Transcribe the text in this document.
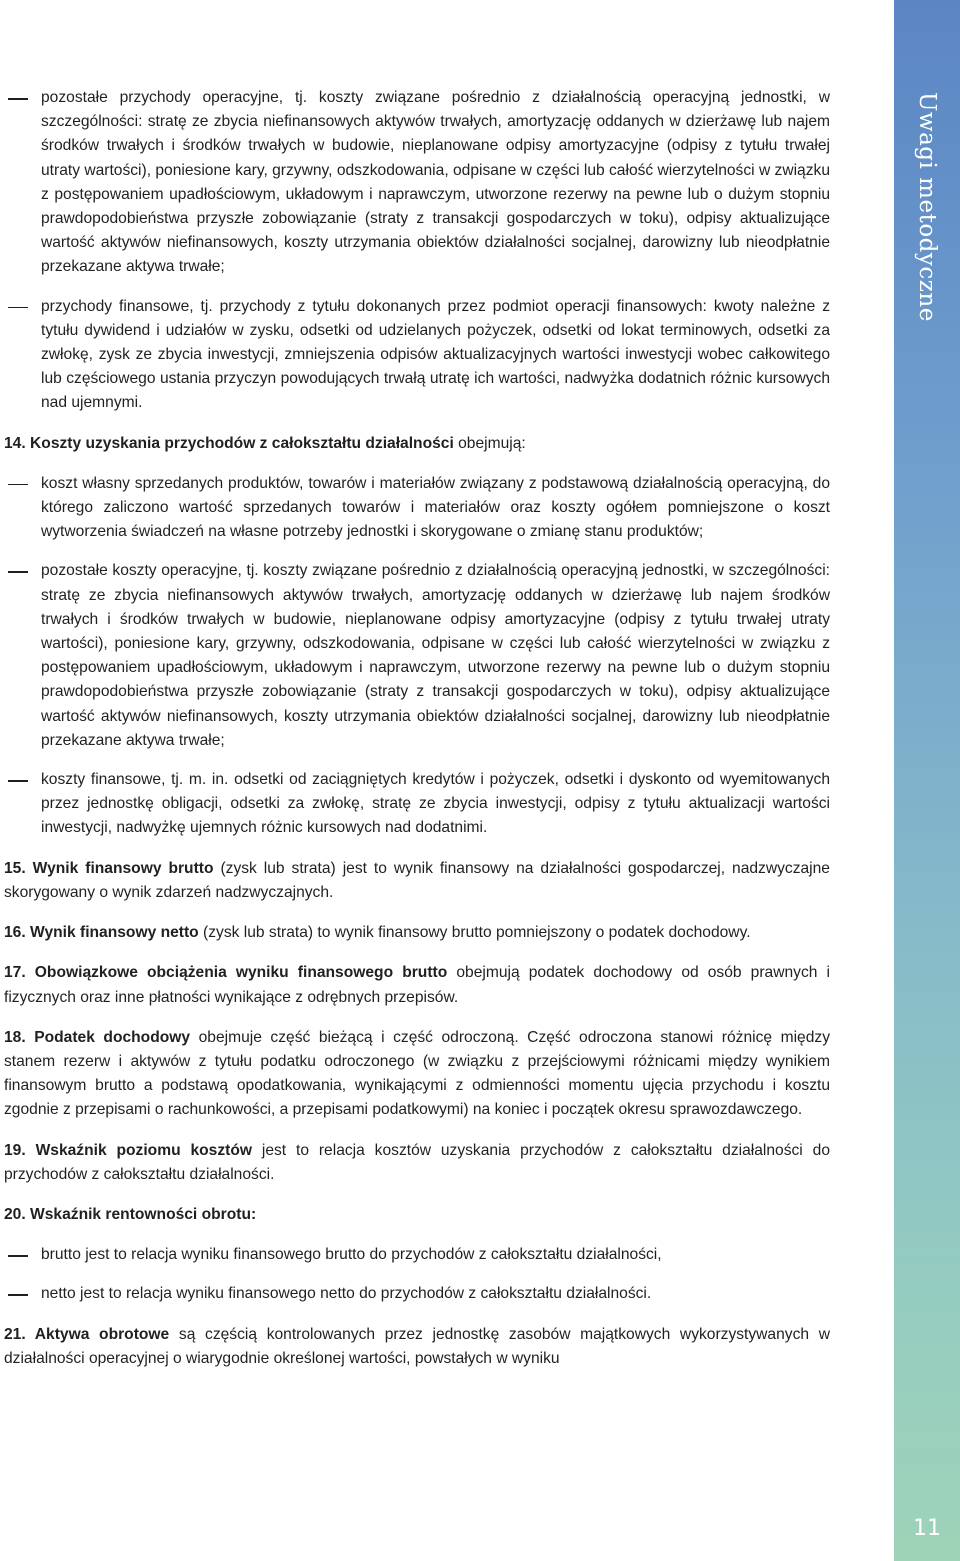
pozostałe przychody operacyjne, tj. koszty związane pośrednio z działalnością operacyjną jednostki, w szczególności: stratę ze zbycia niefinansowych aktywów trwałych, amortyzację oddanych w dzierżawę lub najem środków trwałych i środków trwałych w budowie, nieplanowane odpisy amortyzacyjne (odpisy z tytułu trwałej utraty wartości), poniesione kary, grzywny, odszkodowania, odpisane w części lub całość wierzytelności w związku z postępowaniem upadłościowym, układowym i naprawczym, utworzone rezerwy na pewne lub o dużym stopniu prawdopodobieństwa przyszłe zobowiązanie (straty z transakcji gospodarczych w toku), odpisy aktualizujące wartość aktywów niefinansowych, koszty utrzymania obiektów działalności socjalnej, darowizny lub nieodpłatnie przekazane aktywa trwałe;

przychody finansowe, tj. przychody z tytułu dokonanych przez podmiot operacji finansowych: kwoty należne z tytułu dywidend i udziałów w zysku, odsetki od udzielanych pożyczek, odsetki od lokat terminowych, odsetki za zwłokę, zysk ze zbycia inwestycji, zmniejszenia odpisów aktualizacyjnych wartości inwestycji wobec całkowitego lub częściowego ustania przyczyn powodujących trwałą utratę ich wartości, nadwyżka dodatnich różnic kursowych nad ujemnymi.

14. Koszty uzyskania przychodów z całokształtu działalności obejmują:

koszt własny sprzedanych produktów, towarów i materiałów związany z podstawową działalnością operacyjną, do którego zaliczono wartość sprzedanych towarów i materiałów oraz koszty ogółem pomniejszone o koszt wytworzenia świadczeń na własne potrzeby jednostki i skorygowane o zmianę stanu produktów;

pozostałe koszty operacyjne, tj. koszty związane pośrednio z działalnością operacyjną jednostki, w szczególności: stratę ze zbycia niefinansowych aktywów trwałych, amortyzację oddanych w dzierżawę lub najem środków trwałych i środków trwałych w budowie, nieplanowane odpisy amortyzacyjne (odpisy z tytułu trwałej utraty wartości), poniesione kary, grzywny, odszkodowania, odpisane w części lub całość wierzytelności w związku z postępowaniem upadłościowym, układowym i naprawczym, utworzone rezerwy na pewne lub o dużym stopniu prawdopodobieństwa przyszłe zobowiązanie (straty z transakcji gospodarczych w toku), odpisy aktualizujące wartość aktywów niefinansowych, koszty utrzymania obiektów działalności socjalnej, darowizny lub nieodpłatnie przekazane aktywa trwałe;

koszty finansowe, tj. m. in. odsetki od zaciągniętych kredytów i pożyczek, odsetki i dyskonto od wyemitowanych przez jednostkę obligacji, odsetki za zwłokę, stratę ze zbycia inwestycji, odpisy z tytułu aktualizacji wartości inwestycji, nadwyżkę ujemnych różnic kursowych nad dodatnimi.

15. Wynik finansowy brutto (zysk lub strata) jest to wynik finansowy na działalności gospodarczej, nadzwyczajne skorygowany o wynik zdarzeń nadzwyczajnych.

16. Wynik finansowy netto (zysk lub strata) to wynik finansowy brutto pomniejszony o podatek dochodowy.

17. Obowiązkowe obciążenia wyniku finansowego brutto obejmują podatek dochodowy od osób prawnych i fizycznych oraz inne płatności wynikające z odrębnych przepisów.

18. Podatek dochodowy obejmuje część bieżącą i część odroczoną. Część odroczona stanowi różnicę między stanem rezerw i aktywów z tytułu podatku odroczonego (w związku z przejściowymi różnicami między wynikiem finansowym brutto a podstawą opodatkowania, wynikającymi z odmienności momentu ujęcia przychodu i kosztu zgodnie z przepisami o rachunkowości, a przepisami podatkowymi) na koniec i początek okresu sprawozdawczego.

19. Wskaźnik poziomu kosztów jest to relacja kosztów uzyskania przychodów z całokształtu działalności do przychodów z całokształtu działalności.

20. Wskaźnik rentowności obrotu:

brutto jest to relacja wyniku finansowego brutto do przychodów z całokształtu działalności,

netto jest to relacja wyniku finansowego netto do przychodów z całokształtu działalności.

21. Aktywa obrotowe są częścią kontrolowanych przez jednostkę zasobów majątkowych wykorzystywanych w działalności operacyjnej o wiarygodnie określonej wartości, powstałych w wyniku

Uwagi metodyczne
11
